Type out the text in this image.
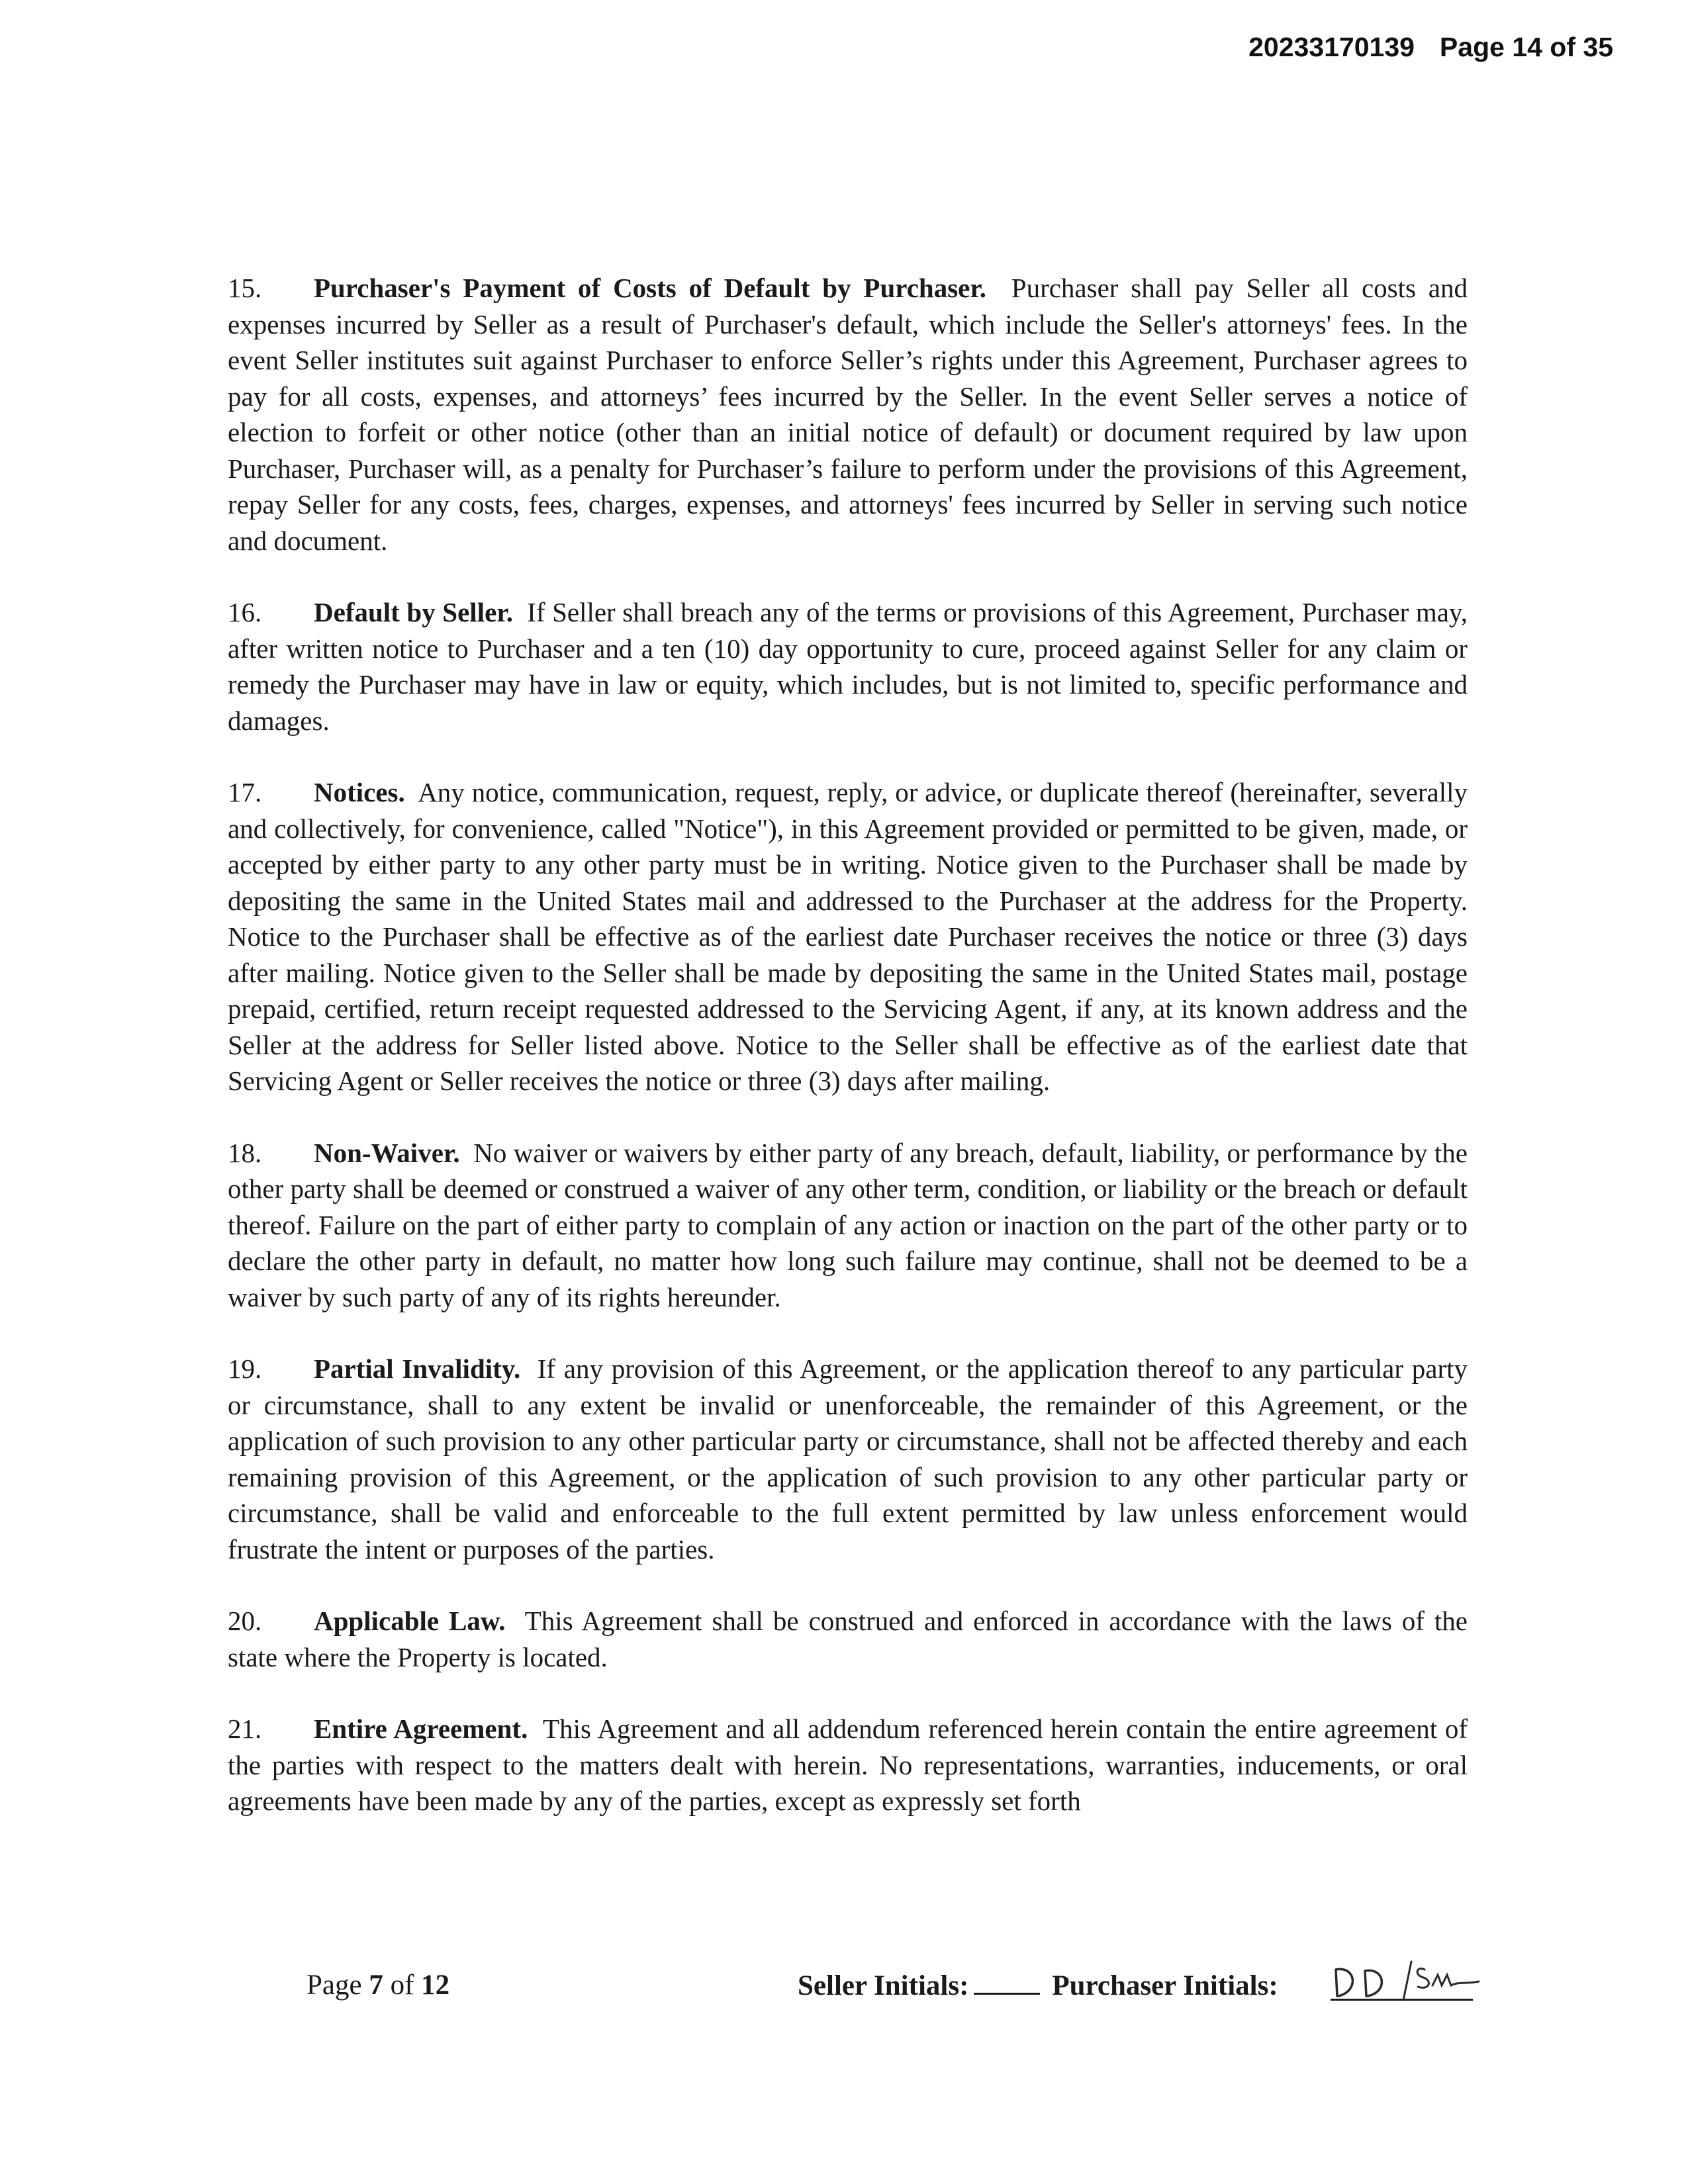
20233170139 Page 14 of 35

15. Purchaser's Payment of Costs of Default by Purchaser. Purchaser shall pay Seller all costs and expenses incurred by Seller as a result of Purchaser's default, which include the Seller's attorneys' fees. In the event Seller institutes suit against Purchaser to enforce Seller’s rights under this Agreement, Purchaser agrees to pay for all costs, expenses, and attorneys’ fees incurred by the Seller. In the event Seller serves a notice of election to forfeit or other notice (other than an initial notice of default) or document required by law upon Purchaser, Purchaser will, as a penalty for Purchaser’s failure to perform under the provisions of this Agreement, repay Seller for any costs, fees, charges, expenses, and attorneys' fees incurred by Seller in serving such notice and document.

16. Default by Seller. If Seller shall breach any of the terms or provisions of this Agreement, Purchaser may, after written notice to Purchaser and a ten (10) day opportunity to cure, proceed against Seller for any claim or remedy the Purchaser may have in law or equity, which includes, but is not limited to, specific performance and damages.

17. Notices. Any notice, communication, request, reply, or advice, or duplicate thereof (hereinafter, severally and collectively, for convenience, called "Notice"), in this Agreement provided or permitted to be given, made, or accepted by either party to any other party must be in writing. Notice given to the Purchaser shall be made by depositing the same in the United States mail and addressed to the Purchaser at the address for the Property. Notice to the Purchaser shall be effective as of the earliest date Purchaser receives the notice or three (3) days after mailing. Notice given to the Seller shall be made by depositing the same in the United States mail, postage prepaid, certified, return receipt requested addressed to the Servicing Agent, if any, at its known address and the Seller at the address for Seller listed above. Notice to the Seller shall be effective as of the earliest date that Servicing Agent or Seller receives the notice or three (3) days after mailing.

18. Non-Waiver. No waiver or waivers by either party of any breach, default, liability, or performance by the other party shall be deemed or construed a waiver of any other term, condition, or liability or the breach or default thereof. Failure on the part of either party to complain of any action or inaction on the part of the other party or to declare the other party in default, no matter how long such failure may continue, shall not be deemed to be a waiver by such party of any of its rights hereunder.

19. Partial Invalidity. If any provision of this Agreement, or the application thereof to any particular party or circumstance, shall to any extent be invalid or unenforceable, the remainder of this Agreement, or the application of such provision to any other particular party or circumstance, shall not be affected thereby and each remaining provision of this Agreement, or the application of such provision to any other particular party or circumstance, shall be valid and enforceable to the full extent permitted by law unless enforcement would frustrate the intent or purposes of the parties.

20. Applicable Law. This Agreement shall be construed and enforced in accordance with the laws of the state where the Property is located.

21. Entire Agreement. This Agreement and all addendum referenced herein contain the entire agreement of the parties with respect to the matters dealt with herein. No representations, warranties, inducements, or oral agreements have been made by any of the parties, except as expressly set forth

Page 7 of 12	Seller Initials:	Purchaser Initials:
